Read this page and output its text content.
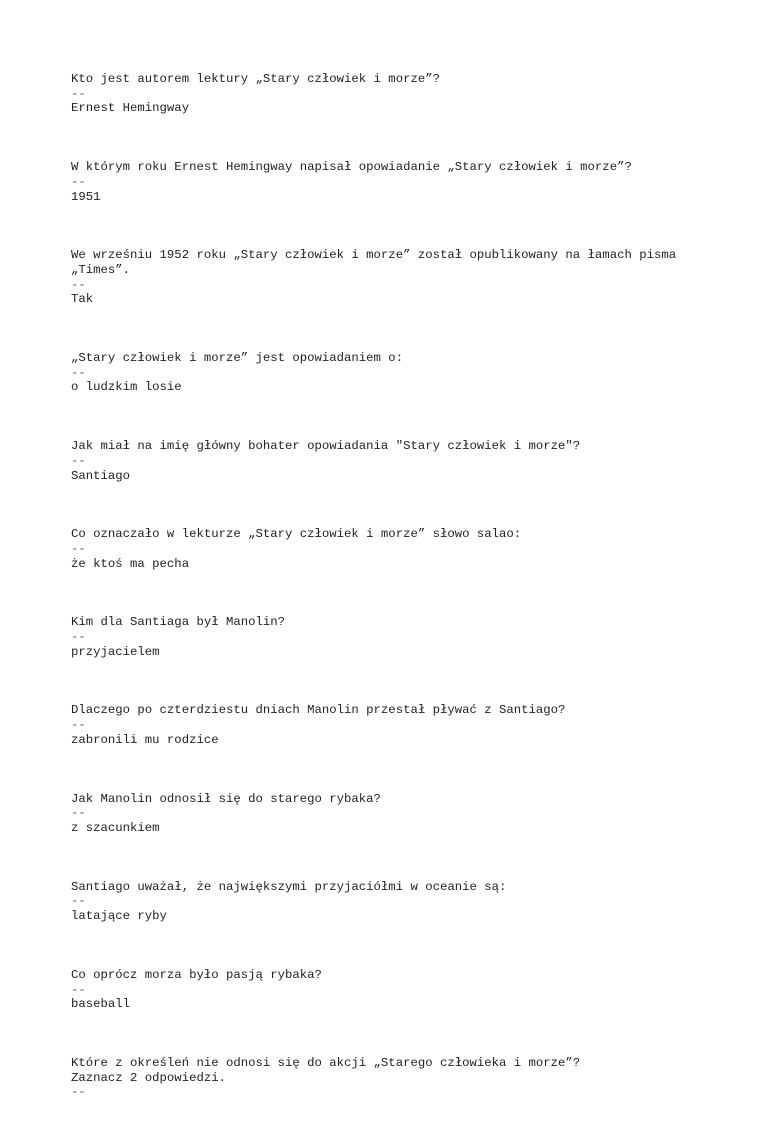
Kto jest autorem lektury „Stary człowiek i morze”?

--

Ernest Hemingway

W którym roku Ernest Hemingway napisał opowiadanie „Stary człowiek i morze”?

--

1951

We wrześniu 1952 roku „Stary człowiek i morze” został opublikowany na łamach pisma

„Times”.

--

Tak

„Stary człowiek i morze” jest opowiadaniem o:

--

o ludzkim losie

Jak miał na imię główny bohater opowiadania "Stary człowiek i morze"?

--

Santiago

Co oznaczało w lekturze „Stary człowiek i morze” słowo salao:

--

że ktoś ma pecha

Kim dla Santiaga był Manolin?

--

przyjacielem

Dlaczego po czterdziestu dniach Manolin przestał pływać z Santiago?

--

zabronili mu rodzice

Jak Manolin odnosił się do starego rybaka?

--

z szacunkiem

Santiago uważał, że największymi przyjaciółmi w oceanie są:

--

latające ryby

Co oprócz morza było pasją rybaka?

--

baseball

Które z określeń nie odnosi się do akcji „Starego człowieka i morze”?

Zaznacz 2 odpowiedzi.

--
